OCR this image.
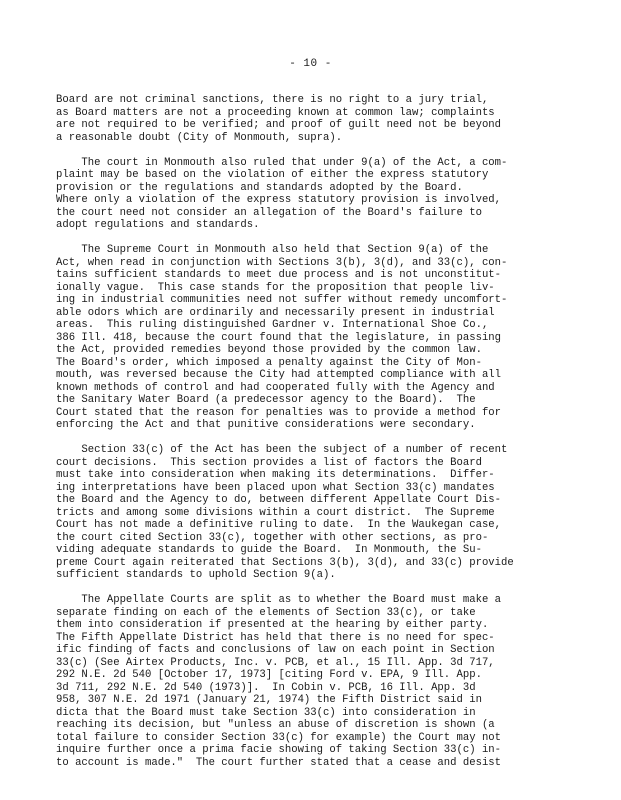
- 10 -
Board are not criminal sanctions, there is no right to a jury trial,
as Board matters are not a proceeding known at common law; complaints
are not required to be verified; and proof of guilt need not be beyond
a reasonable doubt (City of Monmouth, supra).
The court in Monmouth also ruled that under 9(a) of the Act, a com-
plaint may be based on the violation of either the express statutory
provision or the regulations and standards adopted by the Board.
Where only a violation of the express statutory provision is involved,
the court need not consider an allegation of the Board's failure to
adopt regulations and standards.
The Supreme Court in Monmouth also held that Section 9(a) of the
Act, when read in conjunction with Sections 3(b), 3(d), and 33(c), con-
tains sufficient standards to meet due process and is not unconstitut-
ionally vague.  This case stands for the proposition that people liv-
ing in industrial communities need not suffer without remedy uncomfort-
able odors which are ordinarily and necessarily present in industrial
areas.  This ruling distinguished Gardner v. International Shoe Co.,
386 Ill. 418, because the court found that the legislature, in passing
the Act, provided remedies beyond those provided by the common law.
The Board's order, which imposed a penalty against the City of Mon-
mouth, was reversed because the City had attempted compliance with all
known methods of control and had cooperated fully with the Agency and
the Sanitary Water Board (a predecessor agency to the Board).  The
Court stated that the reason for penalties was to provide a method for
enforcing the Act and that punitive considerations were secondary.
Section 33(c) of the Act has been the subject of a number of recent
court decisions.  This section provides a list of factors the Board
must take into consideration when making its determinations.  Differ-
ing interpretations have been placed upon what Section 33(c) mandates
the Board and the Agency to do, between different Appellate Court Dis-
tricts and among some divisions within a court district.  The Supreme
Court has not made a definitive ruling to date.  In the Waukegan case,
the court cited Section 33(c), together with other sections, as pro-
viding adequate standards to guide the Board.  In Monmouth, the Su-
preme Court again reiterated that Sections 3(b), 3(d), and 33(c) provide
sufficient standards to uphold Section 9(a).
The Appellate Courts are split as to whether the Board must make a
separate finding on each of the elements of Section 33(c), or take
them into consideration if presented at the hearing by either party.
The Fifth Appellate District has held that there is no need for spec-
ific finding of facts and conclusions of law on each point in Section
33(c) (See Airtex Products, Inc. v. PCB, et al., 15 Ill. App. 3d 717,
292 N.E. 2d 540 [October 17, 1973] [citing Ford v. EPA, 9 Ill. App.
3d 711, 292 N.E. 2d 540 (1973)].  In Cobin v. PCB, 16 Ill. App. 3d
958, 307 N.E. 2d 1971 (January 21, 1974) the Fifth District said in
dicta that the Board must take Section 33(c) into consideration in
reaching its decision, but "unless an abuse of discretion is shown (a
total failure to consider Section 33(c) for example) the Court may not
inquire further once a prima facie showing of taking Section 33(c) in-
to account is made."  The court further stated that a cease and desist
